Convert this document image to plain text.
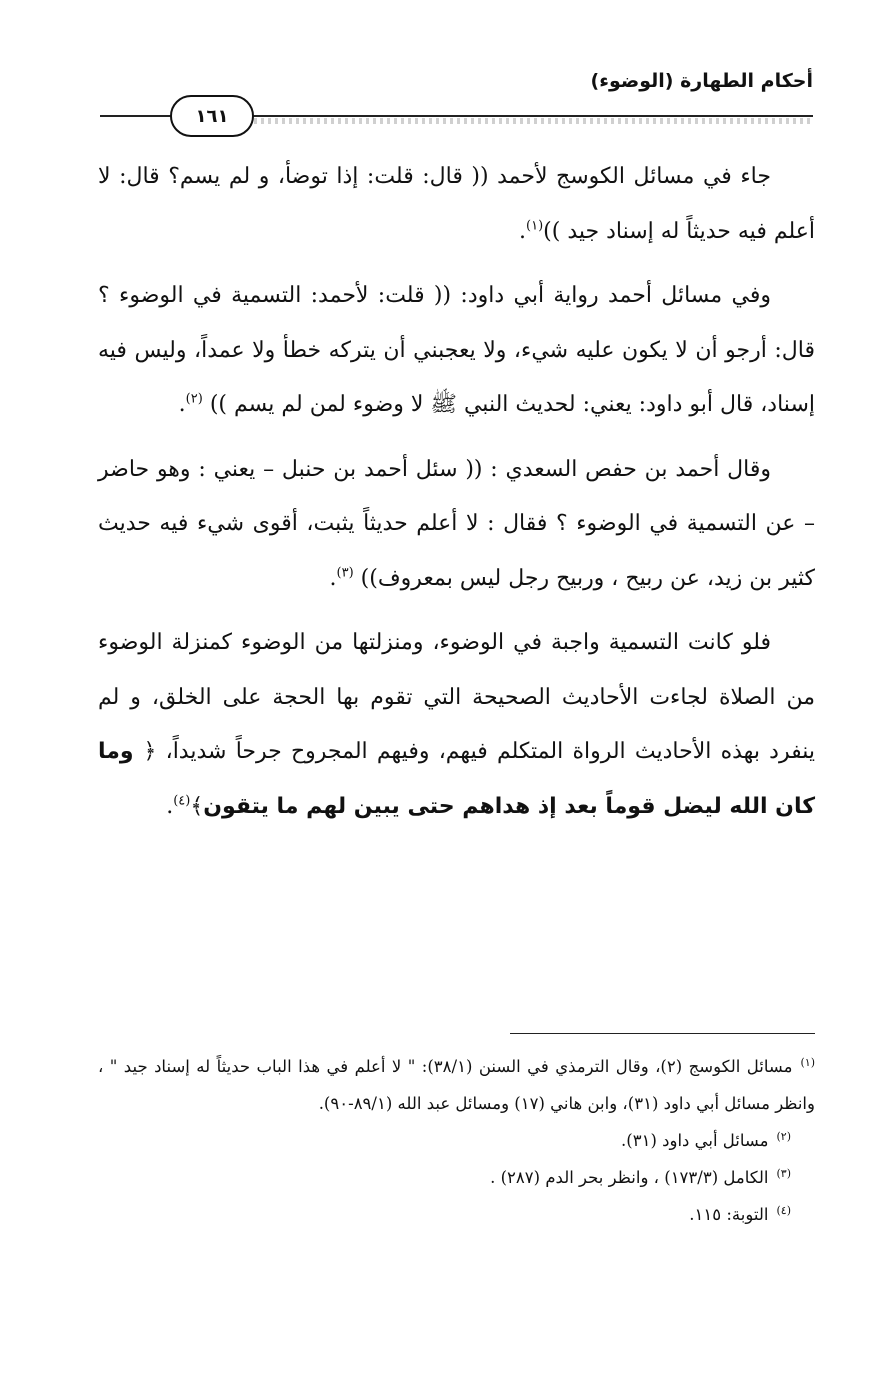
أحكام الطهارة (الوضوء)
١٦١

جاء في مسائل الكوسج لأحمد (( قال: قلت: إذا توضأ، و لم يسم؟ قال: لا أعلم فيه حديثاً له إسناد جيد ))$^{(١)}$.

وفي مسائل أحمد رواية أبي داود: (( قلت: لأحمد: التسمية في الوضوء ؟ قال: أرجو أن لا يكون عليه شيء، ولا يعجبني أن يتركه خطأ ولا عمداً، وليس فيه إسناد، قال أبو داود: يعني: لحديث النبي ﷺ لا وضوء لمن لم يسم )) $^{(٢)}$.

وقال أحمد بن حفص السعدي : (( سئل أحمد بن حنبل – يعني : وهو حاضر – عن التسمية في الوضوء ؟ فقال : لا أعلم حديثاً يثبت، أقوى شيء فيه حديث كثير بن زيد، عن ربيح ، وربيح رجل ليس بمعروف)) $^{(٣)}$.

فلو كانت التسمية واجبة في الوضوء، ومنزلتها من الوضوء كمنزلة الوضوء من الصلاة لجاءت الأحاديث الصحيحة التي تقوم بها الحجة على الخلق، و لم ينفرد بهذه الأحاديث الرواة المتكلم فيهم، وفيهم المجروح جرحاً شديداً، ﴿ وما كان الله ليضل قوماً بعد إذ هداهم حتى يبين لهم ما يتقون﴾$^{(٤)}$.

$^{(١)}$مسائل الكوسج (٢)، وقال الترمذي في السنن (٣٨/١): " لا أعلم في هذا الباب حديثاً له إسناد جيد " ، وانظر مسائل أبي داود (٣١)، وابن هاني (١٧) ومسائل عبد الله (٨٩/١-٩٠).

$^{(٢)}$مسائل أبي داود (٣١).

$^{(٣)}$الكامل (١٧٣/٣) ، وانظر بحر الدم (٢٨٧) .

$^{(٤)}$التوبة: ١١٥.
